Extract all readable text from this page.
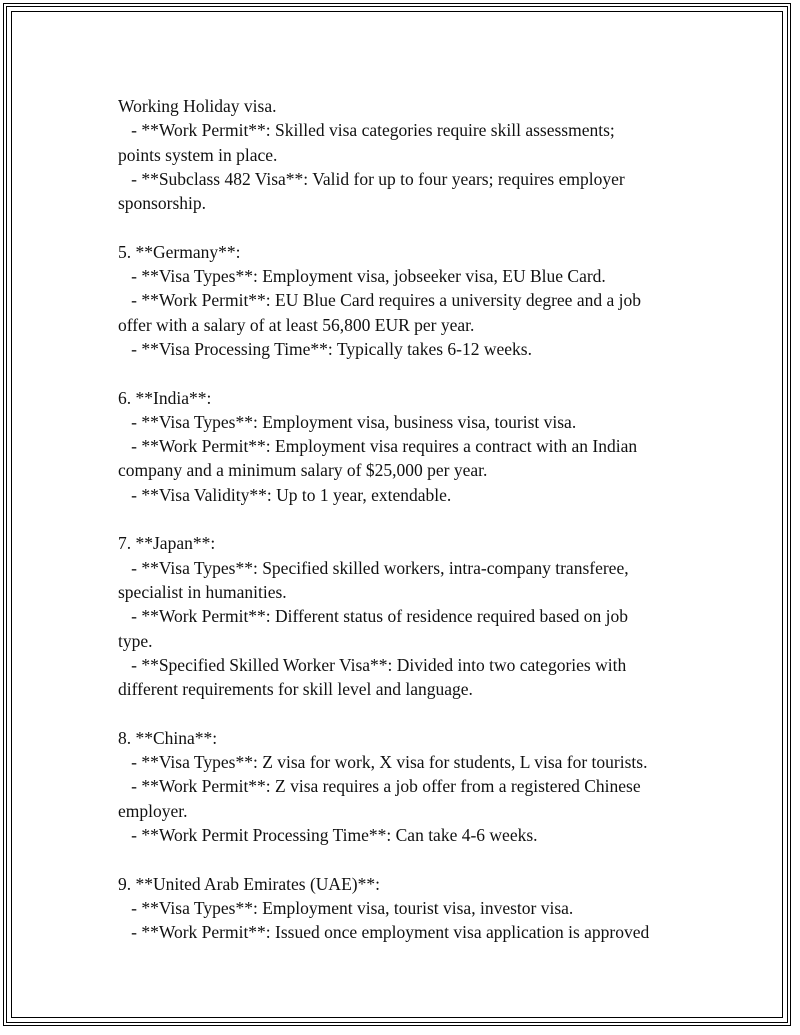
Working Holiday visa.
- **Work Permit**: Skilled visa categories require skill assessments;
points system in place.
- **Subclass 482 Visa**: Valid for up to four years; requires employer
sponsorship.
5. **Germany**:
- **Visa Types**: Employment visa, jobseeker visa, EU Blue Card.
- **Work Permit**: EU Blue Card requires a university degree and a job
offer with a salary of at least 56,800 EUR per year.
- **Visa Processing Time**: Typically takes 6-12 weeks.
6. **India**:
- **Visa Types**: Employment visa, business visa, tourist visa.
- **Work Permit**: Employment visa requires a contract with an Indian
company and a minimum salary of $25,000 per year.
- **Visa Validity**: Up to 1 year, extendable.
7. **Japan**:
- **Visa Types**: Specified skilled workers, intra-company transferee,
specialist in humanities.
- **Work Permit**: Different status of residence required based on job
type.
- **Specified Skilled Worker Visa**: Divided into two categories with
different requirements for skill level and language.
8. **China**:
- **Visa Types**: Z visa for work, X visa for students, L visa for tourists.
- **Work Permit**: Z visa requires a job offer from a registered Chinese
employer.
- **Work Permit Processing Time**: Can take 4-6 weeks.
9. **United Arab Emirates (UAE)**:
- **Visa Types**: Employment visa, tourist visa, investor visa.
- **Work Permit**: Issued once employment visa application is approved
